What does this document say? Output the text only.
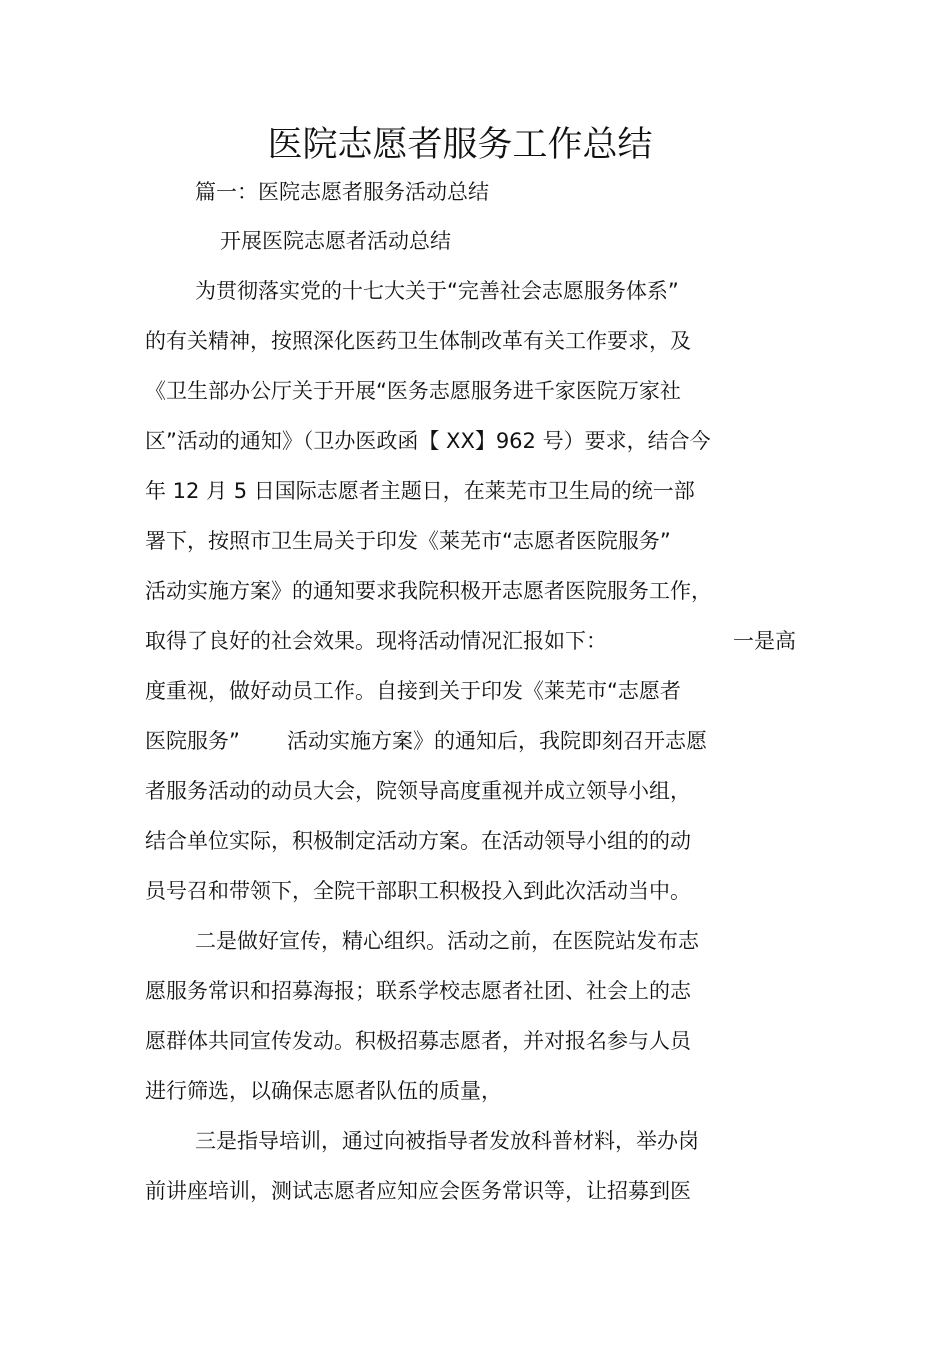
医院志愿者服务工作总结
篇一：医院志愿者服务活动总结
开展医院志愿者活动总结
为贯彻落实党的十七大关于“完善社会志愿服务体系”
的有关精神，按照深化医药卫生体制改革有关工作要求，及
《卫生部办公厅关于开展“医务志愿服务进千家医院万家社
区”活动的通知》（卫办医政函【 XX】962 号）要求，结合今
年 12 月 5 日国际志愿者主题日，在莱芜市卫生局的统一部
署下，按照市卫生局关于印发《莱芜市“志愿者医院服务”
活动实施方案》的通知要求我院积极开志愿者医院服务工作，
取得了良好的社会效果。现将活动情况汇报如下：	一是高
度重视，做好动员工作。自接到关于印发《莱芜市“志愿者
医院服务” 活动实施方案》的通知后，我院即刻召开志愿
者服务活动的动员大会，院领导高度重视并成立领导小组，
结合单位实际，积极制定活动方案。在活动领导小组的的动
员号召和带领下，全院干部职工积极投入到此次活动当中。
二是做好宣传，精心组织。活动之前，在医院站发布志
愿服务常识和招募海报；联系学校志愿者社团、社会上的志
愿群体共同宣传发动。积极招募志愿者，并对报名参与人员
进行筛选，以确保志愿者队伍的质量，
三是指导培训，通过向被指导者发放科普材料，举办岗
前讲座培训，测试志愿者应知应会医务常识等，让招募到医
